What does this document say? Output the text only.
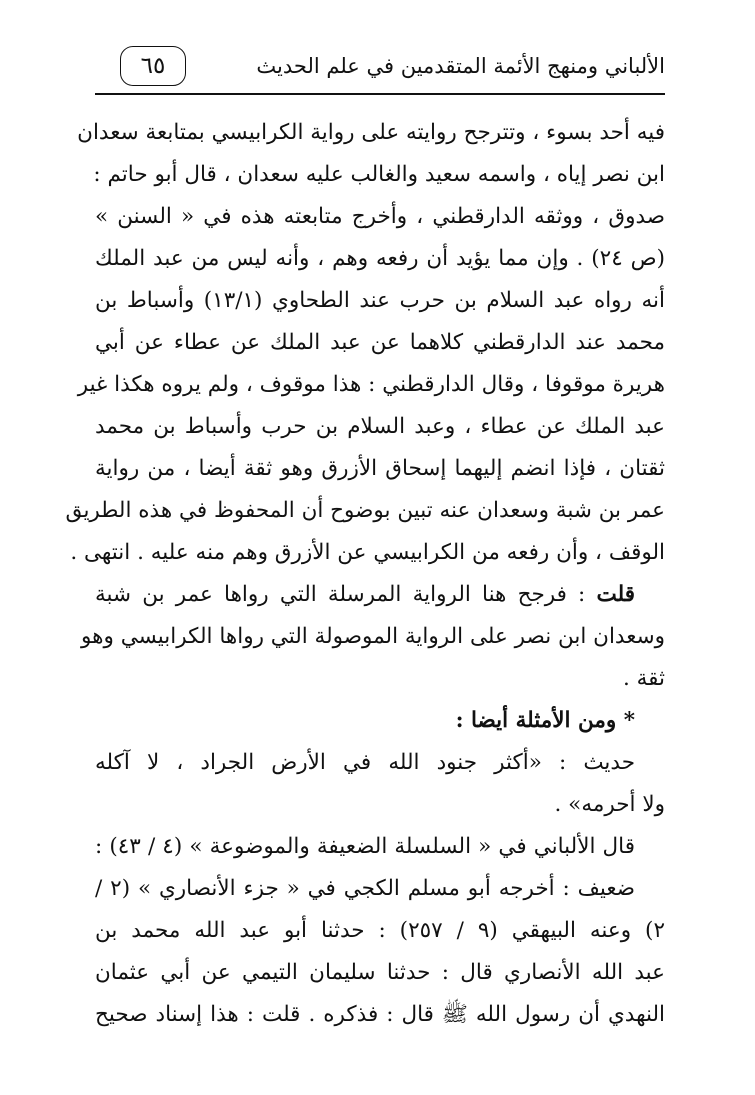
الألباني ومنهج الأئمة المتقدمين في علم الحديث
٦٥
فيه أحد بسوء ، وتترجح روايته على رواية الكرابيسي بمتابعة سعدان
ابن نصر إياه ، واسمه سعيد والغالب عليه سعدان ، قال أبو حاتم :
صدوق ، ووثقه الدارقطني ، وأخرج متابعته هذه في « السنن »
(ص ٢٤) . وإن مما يؤيد أن رفعه وهم ، وأنه ليس من عبد الملك
أنه رواه عبد السلام بن حرب عند الطحاوي (١٣/١) وأسباط بن
محمد عند الدارقطني كلاهما عن عبد الملك عن عطاء عن أبي
هريرة موقوفا ، وقال الدارقطني : هذا موقوف ، ولم يروه هكذا غير
عبد الملك عن عطاء ، وعبد السلام بن حرب وأسباط بن محمد
ثقتان ، فإذا انضم إليهما إسحاق الأزرق وهو ثقة أيضا ، من رواية
عمر بن شبة وسعدان عنه تبين بوضوح أن المحفوظ في هذه الطريق
الوقف ، وأن رفعه من الكرابيسي عن الأزرق وهم منه عليه . انتهى .
قلت : فرجح هنا الرواية المرسلة التي رواها عمر بن شبة
وسعدان ابن نصر على الرواية الموصولة التي رواها الكرابيسي وهو
ثقة .
* ومن الأمثلة أيضا :
حديث : «أكثر جنود الله في الأرض الجراد ، لا آكله
ولا أحرمه» .
قال الألباني في « السلسلة الضعيفة والموضوعة » (٤ / ٤٣) :
ضعيف : أخرجه أبو مسلم الكجي في « جزء الأنصاري » (٢ /
٢) وعنه البيهقي (٩ / ٢٥٧) : حدثنا أبو عبد الله محمد بن
عبد الله الأنصاري قال : حدثنا سليمان التيمي عن أبي عثمان
النهدي أن رسول الله ﷺ قال : فذكره . قلت : هذا إسناد صحيح
